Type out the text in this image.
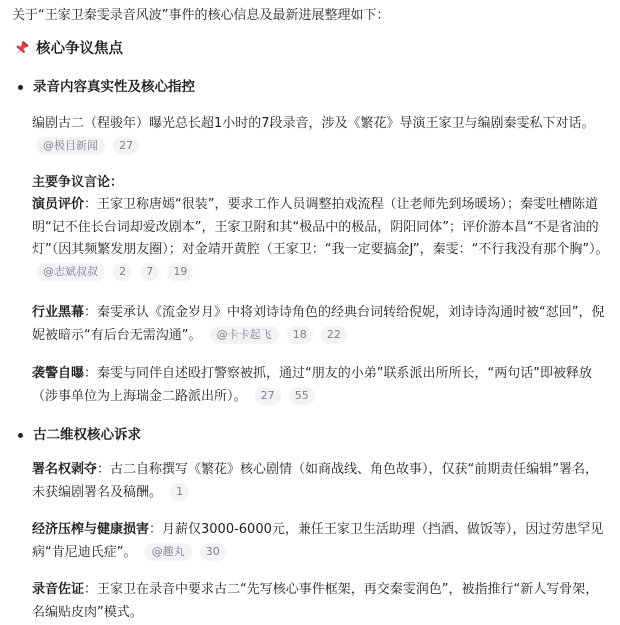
关于“王家卫秦雯录音风波”事件的核心信息及最新进展整理如下：
核心争议焦点
录音内容真实性及核心指控
编剧古二（程骏年）曝光总长超1小时的7段录音，涉及《繁花》导演王家卫与编剧秦雯私下对话。 @极目新闻 27
主要争议言论：
演员评价：王家卫称唐嫣“很装”，要求工作人员调整拍戏流程（让老师先到场暖场）；秦雯吐槽陈道明“记不住长台词却爱改剧本”，王家卫附和其“极品中的极品，阴阳同体”；评价游本昌“不是省油的灯”（因其频繁发朋友圈）；对金靖开黄腔（王家卫：“我一定要搞金J”，秦雯：“不行我没有那个胸”）。 @志斌叔叔 2 7 19
行业黑幕：秦雯承认《流金岁月》中将刘诗诗角色的经典台词转给倪妮，刘诗诗沟通时被“怼回”，倪妮被暗示“有后台无需沟通”。 @卡卡起飞 18 22
袭警自曝：秦雯与同伴自述殴打警察被抓，通过“朋友的小弟”联系派出所所长，“两句话”即被释放（涉事单位为上海瑞金二路派出所）。 27 55
古二维权核心诉求
署名权剥夺：古二自称撰写《繁花》核心剧情（如商战线、角色故事），仅获“前期责任编辑”署名，未获编剧署名及稿酬。 1
经济压榨与健康损害：月薪仅3000-6000元，兼任王家卫生活助理（挡酒、做饭等），因过劳患罕见病“肯尼迪氏症”。 @趣丸 30
录音佐证：王家卫在录音中要求古二“先写核心事件框架，再交秦雯润色”，被指推行“新人写骨架，名编贴皮肉”模式。
